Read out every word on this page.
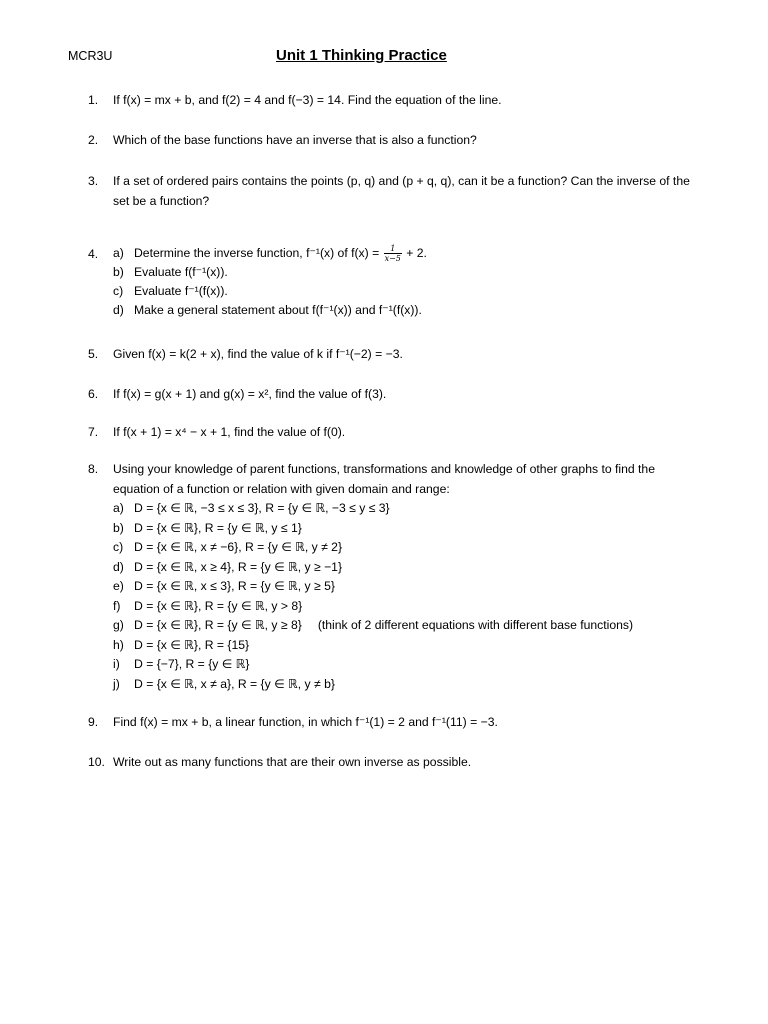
MCR3U	Unit 1 Thinking Practice
1.	If f(x) = mx + b, and f(2) = 4 and f(−3) = 14. Find the equation of the line.
2.	Which of the base functions have an inverse that is also a function?
3.	If a set of ordered pairs contains the points (p, q) and (p + q, q), can it be a function? Can the inverse of the set be a function?
4.	a) Determine the inverse function, f⁻¹(x) of $f(x) = \frac{1}{x-5} + 2$.
b) Evaluate f(f⁻¹(x)).
c) Evaluate f⁻¹(f(x)).
d) Make a general statement about f(f⁻¹(x)) and f⁻¹(f(x)).
5.	Given f(x) = k(2 + x), find the value of k if f⁻¹(−2) = −3.
6.	If f(x) = g(x + 1) and g(x) = x², find the value of f(3).
7.	If f(x + 1) = x⁴ − x + 1, find the value of f(0).
8.	Using your knowledge of parent functions, transformations and knowledge of other graphs to find the equation of a function or relation with given domain and range:
a) D = {x ∈ ℝ, −3 ≤ x ≤ 3}, R = {y ∈ ℝ, −3 ≤ y ≤ 3}
b) D = {x ∈ ℝ}, R = {y ∈ ℝ, y ≤ 1}
c) D = {x ∈ ℝ, x ≠ −6}, R = {y ∈ ℝ, y ≠ 2}
d) D = {x ∈ ℝ, x ≥ 4}, R = {y ∈ ℝ, y ≥ −1}
e) D = {x ∈ ℝ, x ≤ 3}, R = {y ∈ ℝ, y ≥ 5}
f) D = {x ∈ ℝ}, R = {y ∈ ℝ, y > 8}
g) D = {x ∈ ℝ}, R = {y ∈ ℝ, y ≥ 8} (think of 2 different equations with different base functions)
h) D = {x ∈ ℝ}, R = {15}
i) D = {−7}, R = {y ∈ ℝ}
j) D = {x ∈ ℝ, x ≠ a}, R = {y ∈ ℝ, y ≠ b}
9.	Find f(x) = mx + b, a linear function, in which f⁻¹(1) = 2 and f⁻¹(11) = −3.
10. Write out as many functions that are their own inverse as possible.
